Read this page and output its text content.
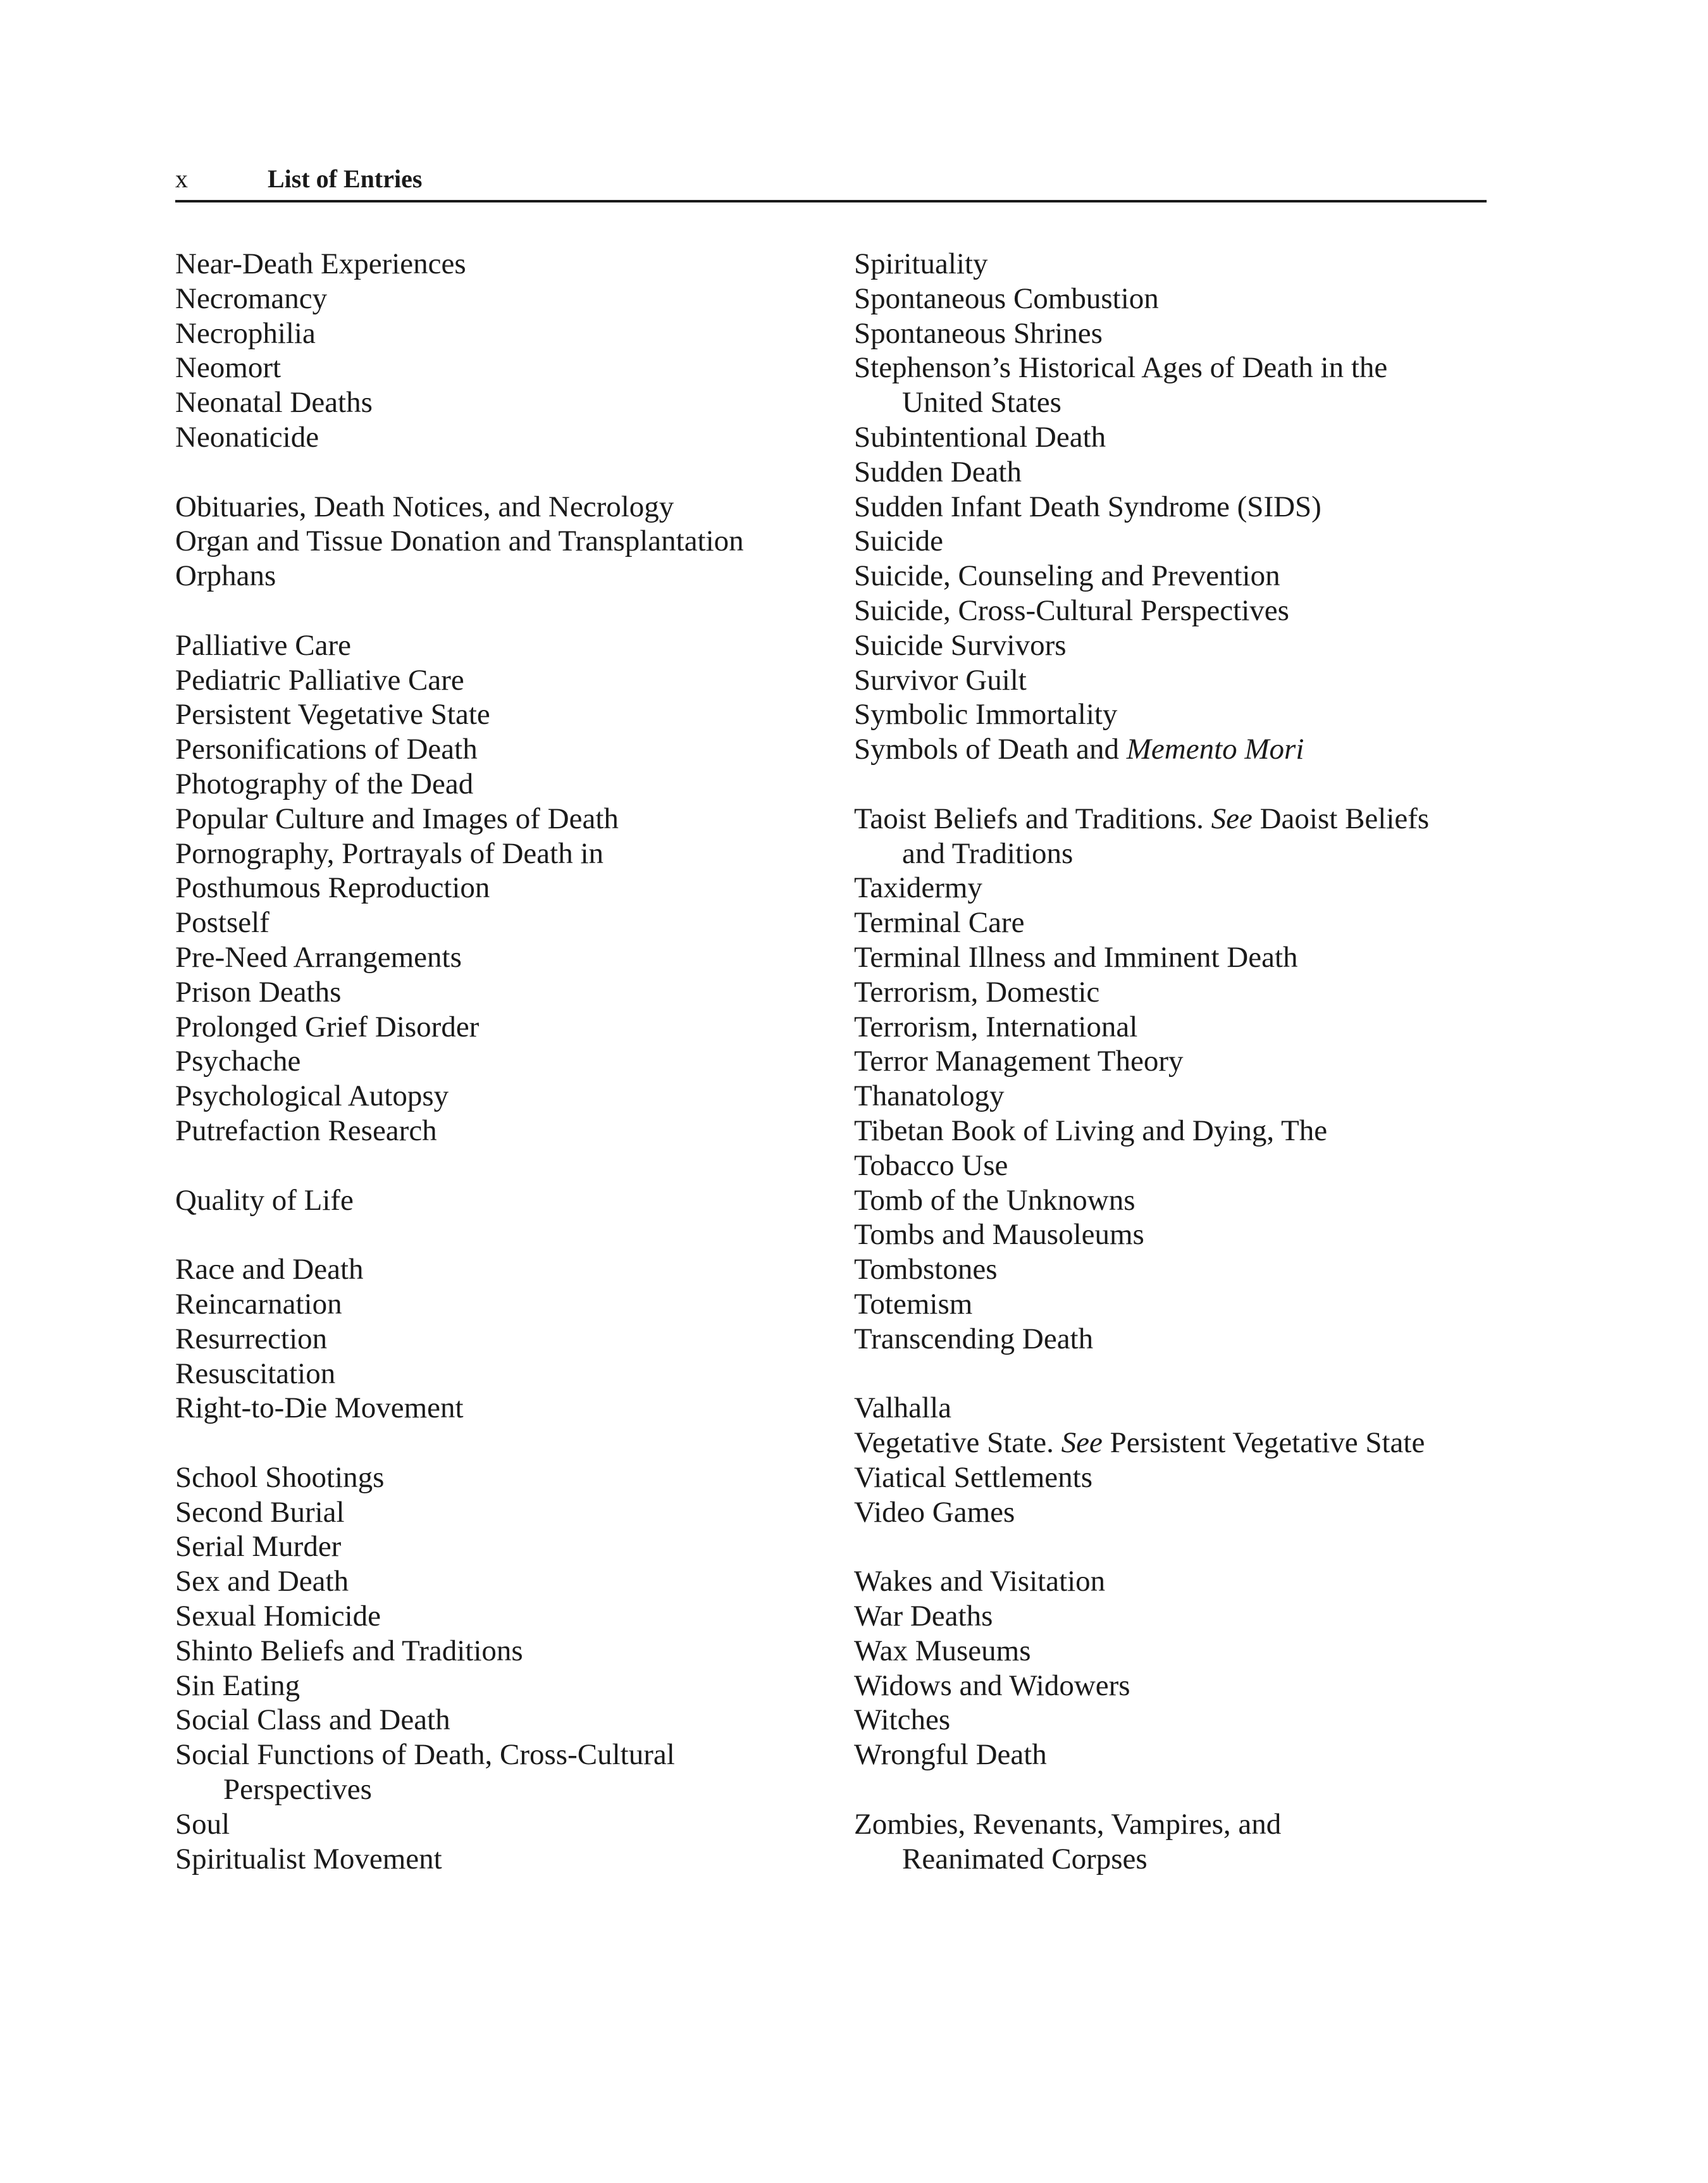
x	List of Entries
Near-Death Experiences
Necromancy
Necrophilia
Neomort
Neonatal Deaths
Neonaticide
Obituaries, Death Notices, and Necrology
Organ and Tissue Donation and Transplantation
Orphans
Palliative Care
Pediatric Palliative Care
Persistent Vegetative State
Personifications of Death
Photography of the Dead
Popular Culture and Images of Death
Pornography, Portrayals of Death in
Posthumous Reproduction
Postself
Pre-Need Arrangements
Prison Deaths
Prolonged Grief Disorder
Psychache
Psychological Autopsy
Putrefaction Research
Quality of Life
Race and Death
Reincarnation
Resurrection
Resuscitation
Right-to-Die Movement
School Shootings
Second Burial
Serial Murder
Sex and Death
Sexual Homicide
Shinto Beliefs and Traditions
Sin Eating
Social Class and Death
Social Functions of Death, Cross-Cultural
Perspectives
Soul
Spiritualist Movement
Spirituality
Spontaneous Combustion
Spontaneous Shrines
Stephenson’s Historical Ages of Death in the
United States
Subintentional Death
Sudden Death
Sudden Infant Death Syndrome (SIDS)
Suicide
Suicide, Counseling and Prevention
Suicide, Cross-Cultural Perspectives
Suicide Survivors
Survivor Guilt
Symbolic Immortality
Symbols of Death and Memento Mori
Taoist Beliefs and Traditions. See Daoist Beliefs
and Traditions
Taxidermy
Terminal Care
Terminal Illness and Imminent Death
Terrorism, Domestic
Terrorism, International
Terror Management Theory
Thanatology
Tibetan Book of Living and Dying, The
Tobacco Use
Tomb of the Unknowns
Tombs and Mausoleums
Tombstones
Totemism
Transcending Death
Valhalla
Vegetative State. See Persistent Vegetative State
Viatical Settlements
Video Games
Wakes and Visitation
War Deaths
Wax Museums
Widows and Widowers
Witches
Wrongful Death
Zombies, Revenants, Vampires, and
Reanimated Corpses
